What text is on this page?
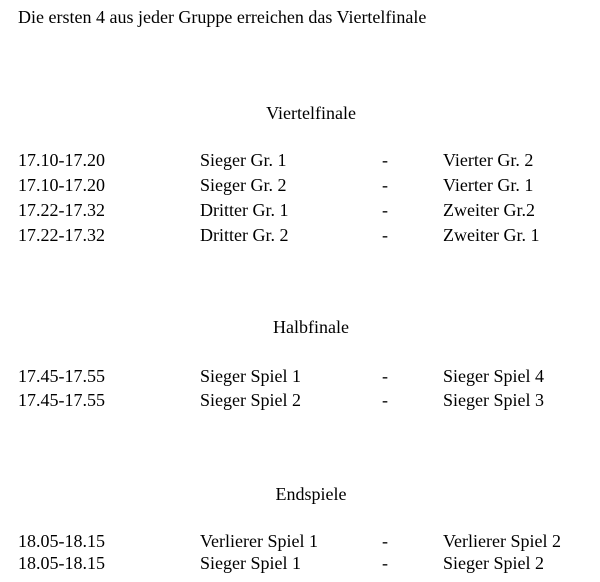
Die ersten 4 aus jeder Gruppe erreichen das Viertelfinale
Viertelfinale
17.10-17.20	Sieger Gr. 1	-	Vierter Gr. 2
17.10-17.20	Sieger Gr. 2	-	Vierter Gr. 1
17.22-17.32	Dritter Gr. 1	-	Zweiter Gr.2
17.22-17.32	Dritter Gr. 2	-	Zweiter Gr. 1
Halbfinale
17.45-17.55	Sieger Spiel 1	-	Sieger Spiel 4
17.45-17.55	Sieger Spiel 2	-	Sieger Spiel 3
Endspiele
18.05-18.15	Verlierer Spiel 1	-	Verlierer Spiel 2
18.05-18.15	Sieger Spiel 1	-	Sieger Spiel 2
